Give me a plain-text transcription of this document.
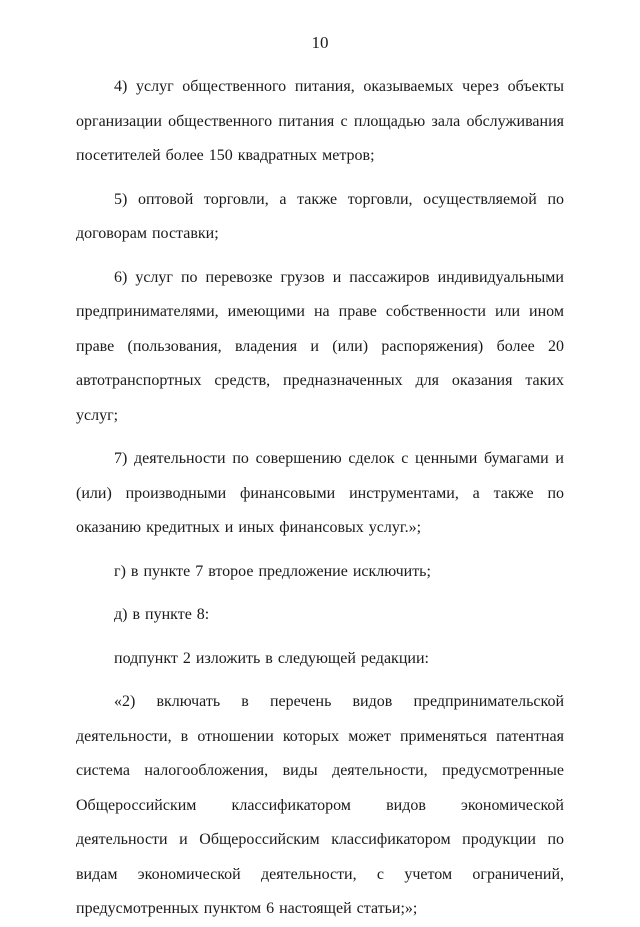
10

4) услуг общественного питания, оказываемых через объекты организации общественного питания с площадью зала обслуживания посетителей более 150 квадратных метров;

5) оптовой торговли, а также торговли, осуществляемой по договорам поставки;

6) услуг по перевозке грузов и пассажиров индивидуальными предпринимателями, имеющими на праве собственности или ином праве (пользования, владения и (или) распоряжения) более 20 автотранспортных средств, предназначенных для оказания таких услуг;

7) деятельности по совершению сделок с ценными бумагами и (или) производными финансовыми инструментами, а также по оказанию кредитных и иных финансовых услуг.»;

г) в пункте 7 второе предложение исключить;

д) в пункте 8:

подпункт 2 изложить в следующей редакции:

«2) включать в перечень видов предпринимательской деятельности, в отношении которых может применяться патентная система налогообложения, виды деятельности, предусмотренные Общероссийским классификатором видов экономической деятельности и Общероссийским классификатором продукции по видам экономической деятельности, с учетом ограничений, предусмотренных пунктом 6 настоящей статьи;»;
